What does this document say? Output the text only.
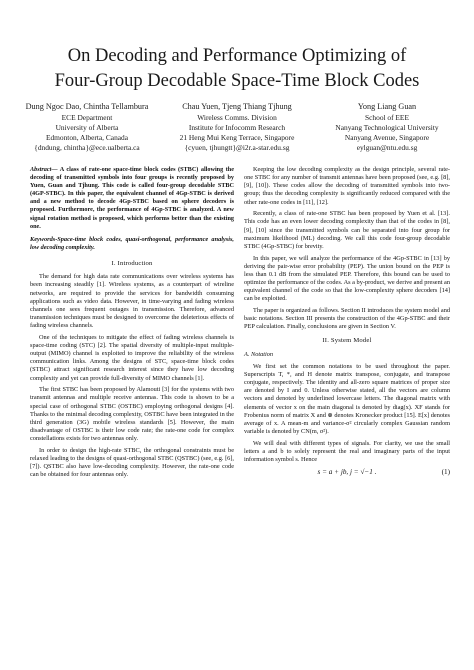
On Decoding and Performance Optimizing of
Four-Group Decodable Space-Time Block Codes
Dung Ngoc Dao, Chintha Tellambura
ECE Department
University of Alberta
Edmonton, Alberta, Canada
{dndung, chintha}@ece.ualberta.ca
Chau Yuen, Tjeng Thiang Tjhung
Wireless Comms. Division
Institute for Infocomm Research
21 Heng Mui Keng Terrace, Singapore
{cyuen, tjhungtt}@i2r.a-star.edu.sg
Yong Liang Guan
School of EEE
Nanyang Technological University
Nanyang Avenue, Singapore
eylguan@ntu.edu.sg

Abstract— A class of rate-one space-time block codes (STBC) allowing the decoding of transmitted symbols into four groups is recently proposed by Yuen, Guan and Tjhung. This code is called four-group decodable STBC (4GP-STBC). In this paper, the equivalent channel of 4Gp-STBC is derived and a new method to decode 4Gp-STBC based on sphere decoders is proposed. Furthermore, the performance of 4Gp-STBC is analyzed. A new signal rotation method is proposed, which performs better than the existing one.

Keywords-Space-time block codes, quasi-orthogonal, performance analysis, low decoding complexity.

I. Introduction

The demand for high data rate communications over wireless systems has been increasing steadily [1]. Wireless systems, as a counterpart of wireline networks, are required to provide the services for bandwidth consuming applications such as video data. However, in time-varying and fading wireless channels one sees frequent outages in transmission. Therefore, advanced transmission techniques must be designed to overcome the deleterious effects of fading wireless channels.

One of the techniques to mitigate the effect of fading wireless channels is space-time coding (STC) [2]. The spatial diversity of multiple-input multiple-output (MIMO) channel is exploited to improve the reliability of the wireless communication links. Among the designs of STC, space-time block codes (STBC) attract significant research interest since they have low decoding complexity and yet can provide full-diversity of MIMO channels [1].

The first STBC has been proposed by Alamouti [3] for the systems with two transmit antennas and multiple receive antennas. This code is shown to be a special case of orthogonal STBC (OSTBC) employing orthogonal designs [4]. Thanks to the minimal decoding complexity, OSTBC have been integrated in the third generation (3G) mobile wireless standards [5]. However, the main disadvantage of OSTBC is their low code rate; the rate-one code for complex constellations exists for two antennas only.

In order to design the high-rate STBC, the orthogonal constraints must be relaxed leading to the designs of quasi-orthogonal STBC (QSTBC) (see, e.g. [6], [7]). QSTBC also have low-decoding complexity. However, the rate-one code can be obtained for four antennas only.

Keeping the low decoding complexity as the design principle, several rate-one STBC for any number of transmit antennas have been proposed (see, e.g. [8], [9], [10]). These codes allow the decoding of transmitted symbols into two-group; thus the decoding complexity is significantly reduced compared with the other rate-one codes in [11], [12].

Recently, a class of rate-one STBC has been proposed by Yuen et al. [13]. This code has an even lower decoding complexity than that of the codes in [8], [9], [10] since the transmitted symbols can be separated into four group for maximum likelihood (ML) decoding. We call this code four-group decodable STBC (4Gp-STBC) for brevity.

In this paper, we will analyze the performance of the 4Gp-STBC in [13] by deriving the pair-wise error probability (PEP). The union bound on the PEP is less than 0.1 dB from the simulated PEP. Therefore, this bound can be used to optimize the performance of the codes. As a by-product, we derive and present an equivalent channel of the code so that the low-complexity sphere decoders [14] can be exploited.

The paper is organized as follows. Section II introduces the system model and basic notations. Section III presents the construction of the 4Gp-STBC and their PEP calculation. Finally, conclusions are given in Section V.

II. System Model
A. Notation

We first set the common notations to be used throughout the paper. Superscripts T, *, and H denote matrix transpose, conjugate, and transpose conjugate, respectively. The identity and all-zero square matrices of proper size are denoted by I and 0. Unless otherwise stated, all the vectors are column vectors and denoted by underlined lowercase letters. The diagonal matrix with elements of vector x on the main diagonal is denoted by diag(x). XF stands for Frobenius norm of matrix X and ⊗ denotes Kronecker product [15]. E[x] denotes average of x. A mean-m and variance-σ² circularly complex Gaussian random variable is denoted by CN(m, σ²).

We will deal with different types of signals. For clarity, we use the small letters a and b to solely represent the real and imaginary parts of the input information symbol s. Hence

s = a + jb, j = √−1 .	(1)
